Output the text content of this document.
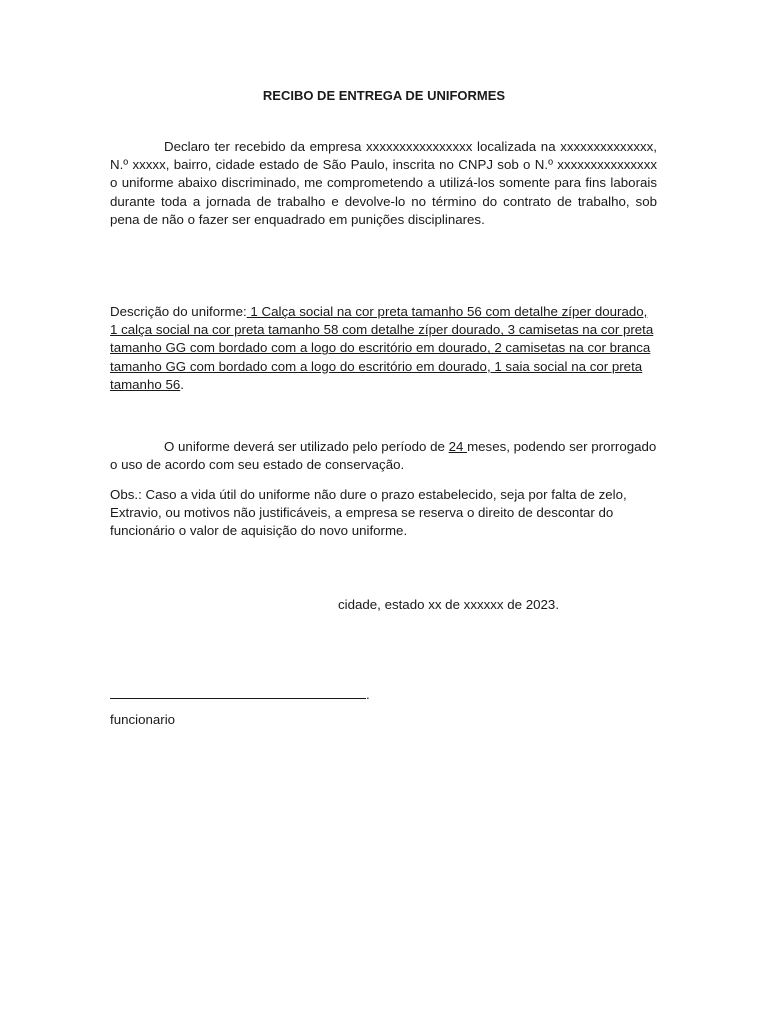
RECIBO DE ENTREGA DE UNIFORMES
Declaro ter recebido da empresa xxxxxxxxxxxxxxxx localizada na xxxxxxxxxxxxxx, N.º xxxxx, bairro, cidade estado de São Paulo, inscrita no CNPJ sob o N.º xxxxxxxxxxxxxxx o uniforme abaixo discriminado, me comprometendo a utilizá-los somente para fins laborais durante toda a jornada de trabalho e devolve-lo no término do contrato de trabalho, sob pena de não o fazer ser enquadrado em punições disciplinares.
Descrição do uniforme: 1 Calça social na cor preta tamanho 56 com detalhe zíper dourado, 1 calça social na cor preta tamanho 58 com detalhe zíper dourado, 3 camisetas na cor preta tamanho GG com bordado com a logo do escritório em dourado, 2 camisetas na cor branca tamanho GG com bordado com a logo do escritório em dourado, 1 saia social na cor preta tamanho 56.
O uniforme deverá ser utilizado pelo período de 24 meses, podendo ser prorrogado o uso de acordo com seu estado de conservação.
Obs.: Caso a vida útil do uniforme não dure o prazo estabelecido, seja por falta de zelo, Extravio, ou motivos não justificáveis, a empresa se reserva o direito de descontar do funcionário o valor de aquisição do novo uniforme.
cidade, estado xx de xxxxxx de 2023.
.
funcionario
